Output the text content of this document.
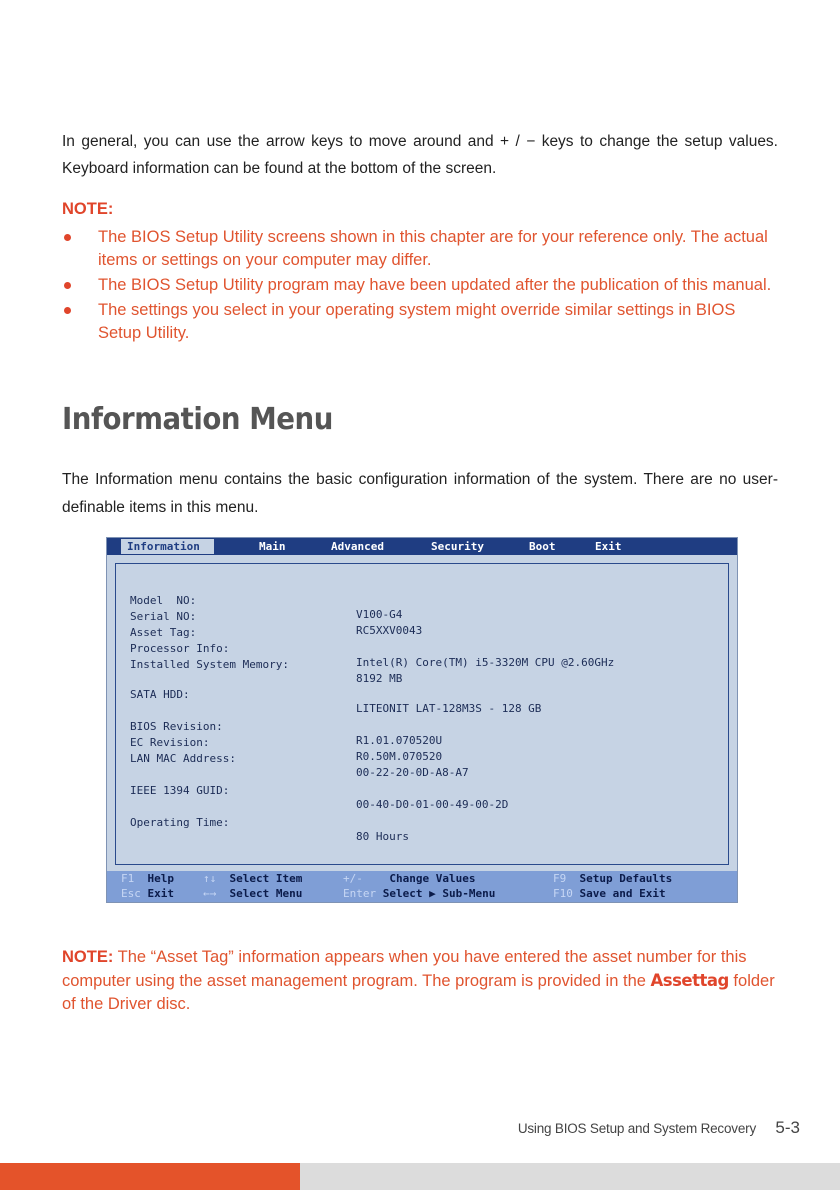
In general, you can use the arrow keys to move around and + / − keys to change the setup values. Keyboard information can be found at the bottom of the screen.

NOTE:
The BIOS Setup Utility screens shown in this chapter are for your reference only. The actual items or settings on your computer may differ.
The BIOS Setup Utility program may have been updated after the publication of this manual.
The settings you select in your operating system might override similar settings in BIOS Setup Utility.
Information Menu

The Information menu contains the basic configuration information of the system. There are no user-definable items in this menu.

Information	Main	Advanced	Security	Boot	Exit

Model  NO:

V100-G4

Serial NO:

RC5XXV0043

Asset Tag:

Processor Info:

Intel(R) Core(TM) i5-3320M CPU @2.60GHz

Installed System Memory:

8192 MB

SATA HDD:

LITEONIT LAT-128M3S - 128 GB

BIOS Revision:

R1.01.070520U

EC Revision:

R0.50M.070520

LAN MAC Address:

00-22-20-0D-A8-A7

IEEE 1394 GUID:

00-40-D0-01-00-49-00-2D

Operating Time:

80 Hours

F1 Help	↑↓ Select Item	+/- Change Values	F9 Setup Defaults
Esc Exit	←→ Select Menu	Enter Select ▶ Sub-Menu	F10 Save and Exit

NOTE: The “Asset Tag” information appears when you have entered the asset number for this computer using the asset management program. The program is provided in the Assettag folder of the Driver disc.

Using BIOS Setup and System Recovery 5-3
